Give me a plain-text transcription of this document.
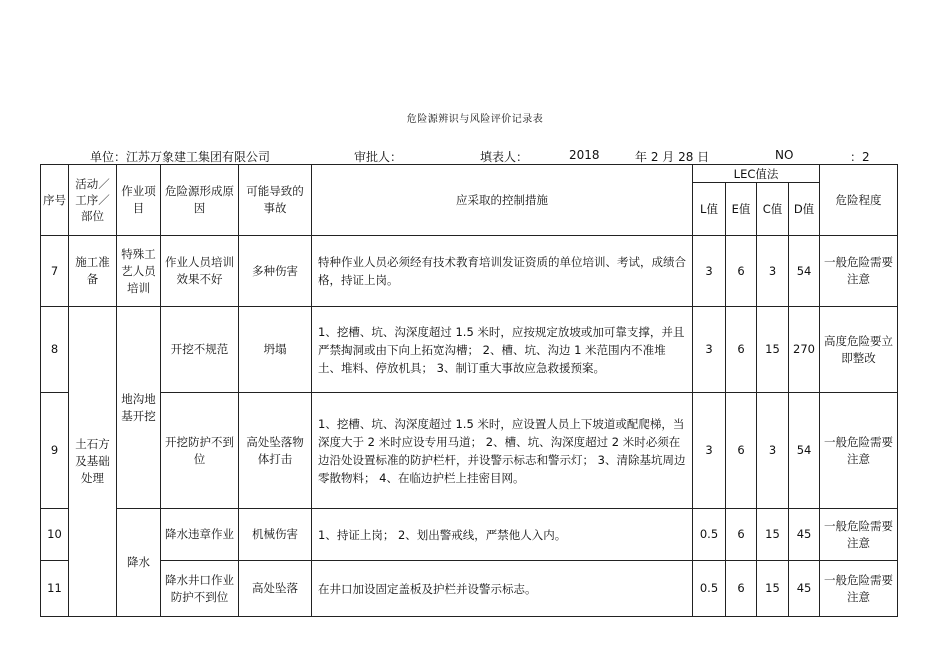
危险源辨识与风险评价记录表
单位：江苏万象建工集团有限公司	审批人：	填表人：	2018	年 2 月 28 日	NO	：2
序号	活动／工序／部位	作业项目	危险源形成原因	可能导致的事故	应采取的控制措施	LEC值法				危险程度
						L值	E值	C值	D值	
7	施工准备	特殊工艺人员培训	作业人员培训效果不好	多种伤害	特种作业人员必须经有技术教育培训发证资质的单位培训、考试，成绩合格，持证上岗。	3	6	3	54	一般危险需要注意
8	土石方及基础处理	地沟地基开挖	开挖不规范	坍塌	1、挖槽、坑、沟深度超过 1.5 米时，应按规定放坡或加可靠支撑，并且严禁掏洞或由下向上拓宽沟槽； 2、槽、坑、沟边 1 米范围内不准堆土、堆料、停放机具； 3、制订重大事故应急救援预案。	3	6	15	270	高度危险要立即整改
9			开挖防护不到位	高处坠落物体打击	1、挖槽、坑、沟深度超过 1.5 米时，应设置人员上下坡道或配爬梯，当深度大于 2 米时应设专用马道； 2、槽、坑、沟深度超过 2 米时必须在边沿处设置标准的防护栏杆，并设警示标志和警示灯； 3、清除基坑周边零散物料； 4、在临边护栏上挂密目网。	3	6	3	54	一般危险需要注意
10		降水	降水违章作业	机械伤害	1、持证上岗； 2、划出警戒线，严禁他人入内。	0.5	6	15	45	一般危险需要注意
11			降水井口作业防护不到位	高处坠落	在井口加设固定盖板及护栏并设警示标志。	0.5	6	15	45	一般危险需要注意
